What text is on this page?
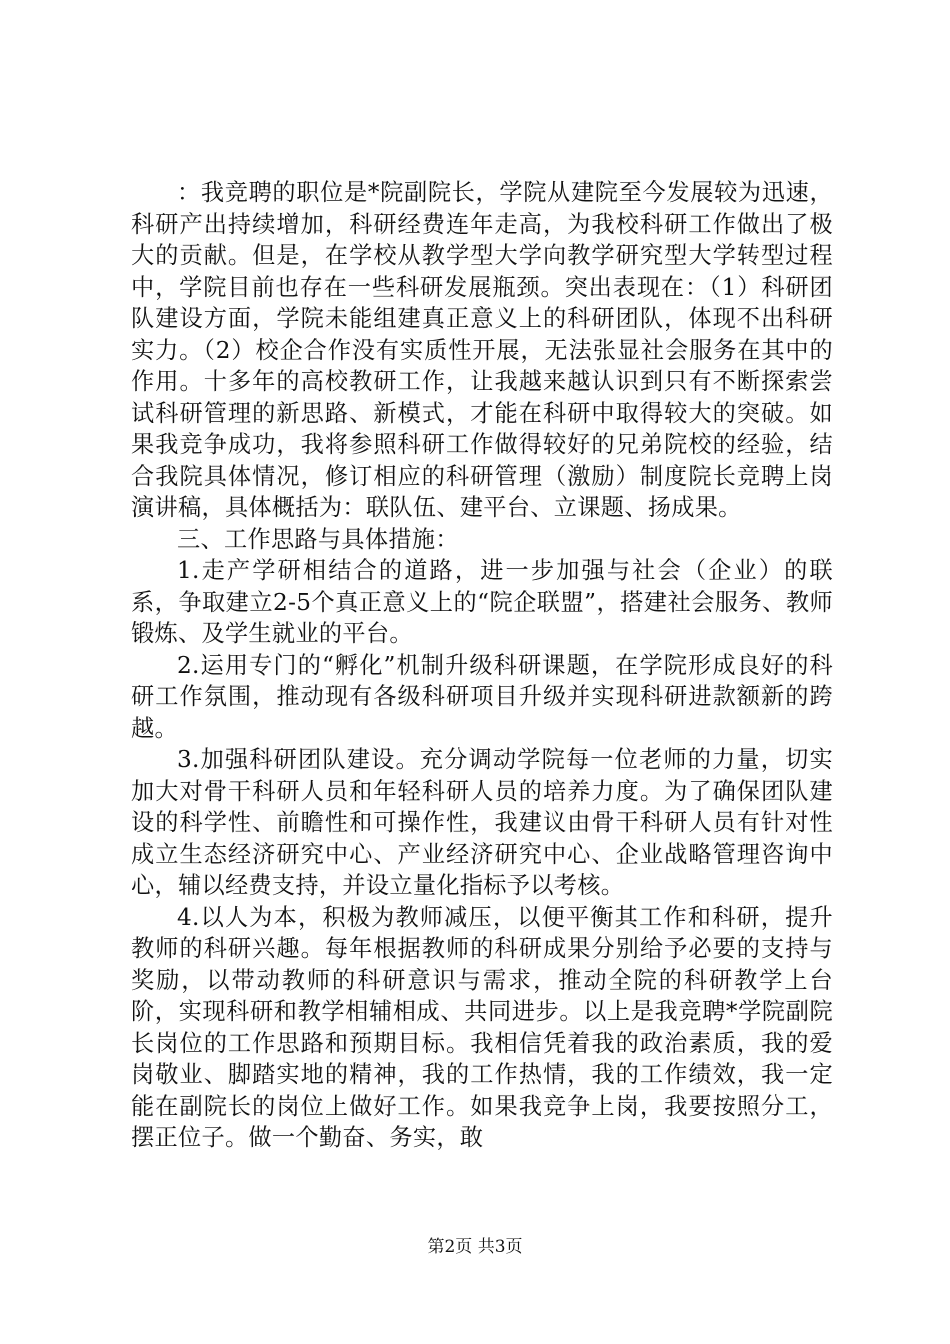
：我竞聘的职位是*院副院长，学院从建院至今发展较为迅速，科研产出持续增加，科研经费连年走高，为我校科研工作做出了极大的贡献。但是，在学校从教学型大学向教学研究型大学转型过程中，学院目前也存在一些科研发展瓶颈。突出表现在：（1）科研团队建设方面，学院未能组建真正意义上的科研团队，体现不出科研实力。（2）校企合作没有实质性开展，无法张显社会服务在其中的作用。十多年的高校教研工作，让我越来越认识到只有不断探索尝试科研管理的新思路、新模式，才能在科研中取得较大的突破。如果我竞争成功，我将参照科研工作做得较好的兄弟院校的经验，结合我院具体情况，修订相应的科研管理（激励）制度院长竞聘上岗演讲稿，具体概括为：联队伍、建平台、立课题、扬成果。

三、工作思路与具体措施：

1.走产学研相结合的道路，进一步加强与社会（企业）的联系，争取建立2-5个真正意义上的“院企联盟”，搭建社会服务、教师锻炼、及学生就业的平台。

2.运用专门的“孵化”机制升级科研课题，在学院形成良好的科研工作氛围，推动现有各级科研项目升级并实现科研进款额新的跨越。

3.加强科研团队建设。充分调动学院每一位老师的力量，切实加大对骨干科研人员和年轻科研人员的培养力度。为了确保团队建设的科学性、前瞻性和可操作性，我建议由骨干科研人员有针对性成立生态经济研究中心、产业经济研究中心、企业战略管理咨询中心，辅以经费支持，并设立量化指标予以考核。

4.以人为本，积极为教师减压，以便平衡其工作和科研，提升教师的科研兴趣。每年根据教师的科研成果分别给予必要的支持与奖励，以带动教师的科研意识与需求，推动全院的科研教学上台阶，实现科研和教学相辅相成、共同进步。以上是我竞聘*学院副院长岗位的工作思路和预期目标。我相信凭着我的政治素质，我的爱岗敬业、脚踏实地的精神，我的工作热情，我的工作绩效，我一定能在副院长的岗位上做好工作。如果我竞争上岗，我要按照分工，摆正位子。做一个勤奋、务实，敢

第2页 共3页
